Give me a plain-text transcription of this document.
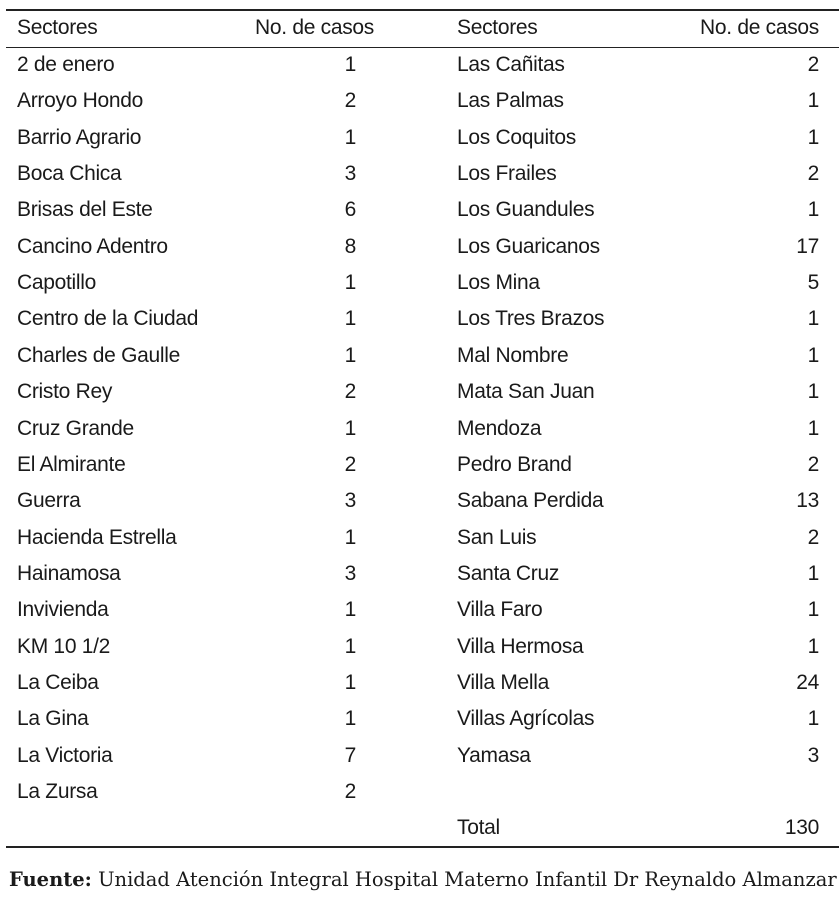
Sectores	No. de casos
2 de enero	1
Arroyo Hondo	2
Barrio Agrario	1
Boca Chica	3
Brisas del Este	6
Cancino Adentro	8
Capotillo	1
Centro de la Ciudad	1
Charles de Gaulle	1
Cristo Rey	2
Cruz Grande	1
El Almirante	2
Guerra	3
Hacienda Estrella	1
Hainamosa	3
Invivienda	1
KM 10 1/2	1
La Ceiba	1
La Gina	1
La Victoria	7
La Zursa	2
Sectores	No. de casos
Las Cañitas	2
Las Palmas	1
Los Coquitos	1
Los Frailes	2
Los Guandules	1
Los Guaricanos	17
Los Mina	5
Los Tres Brazos	1
Mal Nombre	1
Mata San Juan	1
Mendoza	1
Pedro Brand	2
Sabana Perdida	13
San Luis	2
Santa Cruz	1
Villa Faro	1
Villa Hermosa	1
Villa Mella	24
Villas Agrícolas	1
Yamasa	3
Total	130
Fuente: Unidad Atención Integral Hospital Materno Infantil Dr Reynaldo Almanzar
